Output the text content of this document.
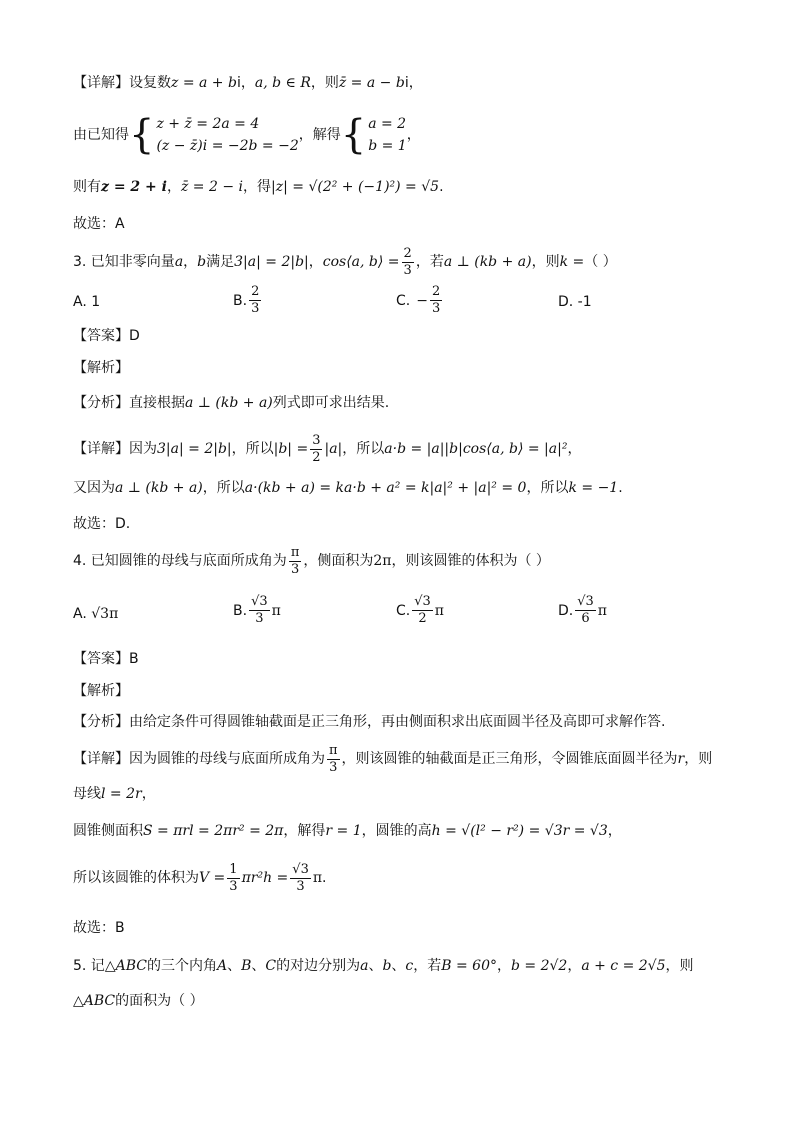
【详解】设复数z = a + bi，a, b ∈ R，则z̄ = a − bi，
由已知得 { z + z̄ = 2a = 4
(z − z̄)i = −2b = −2
，解得 { a = 2
b = 1
，
则有z = 2 + i，z̄ = 2 − i，得|z| = √(2² + (−1)²) = √5.
故选：A
3. 已知非零向量 a ， b 满足 3|a| = 2|b| ， cos⟨a, b⟩ = $\frac{2}{3}$ ，若 a ⊥ (kb + a) ，则 k = （ ）
A. 1	B. $\frac{2}{3}$	C. − $\frac{2}{3}$	D. -1
【答案】D
【解析】
【分析】直接根据a ⊥ (kb + a)列式即可求出结果.
【详解】因为 3|a| = 2|b| ，所以 $|b| = \frac{3}{2} |a|$ ，所以 a·b = |a||b|cos⟨a, b⟩ = |a|² ，
又因为a ⊥ (kb + a)，所以a·(kb + a) = ka·b + a² = k|a|² + |a|² = 0，所以k = −1.
故选：D.
4. 已知圆锥的母线与底面所成角为 $\frac{\pi}{3}$ ，侧面积为 2π ，则该圆锥的体积为（ ）
A. √3π	B. $\frac{√3}{3}$ π	C. $\frac{√3}{2}$ π	D. $\frac{√3}{6}$ π
【答案】B
【解析】
【分析】由给定条件可得圆锥轴截面是正三角形，再由侧面积求出底面圆半径及高即可求解作答.
【详解】因为圆锥的母线与底面所成角为 $\frac{\pi}{3}$ ，则该圆锥的轴截面是正三角形，令圆锥底面圆半径为 r ，则
母线l = 2r，
圆锥侧面积S = πrl = 2πr² = 2π，解得r = 1，圆锥的高h = √(l² − r²) = √3r = √3，
所以该圆锥的体积为 $V = \frac{1}{3} \pi r^2h = \frac{√3}{3}$ π .
故选：B
5. 记△ABC的三个内角A、B、C的对边分别为a、b、c，若B = 60°，b = 2√2，a + c = 2√5，则
△ABC的面积为（ ）
